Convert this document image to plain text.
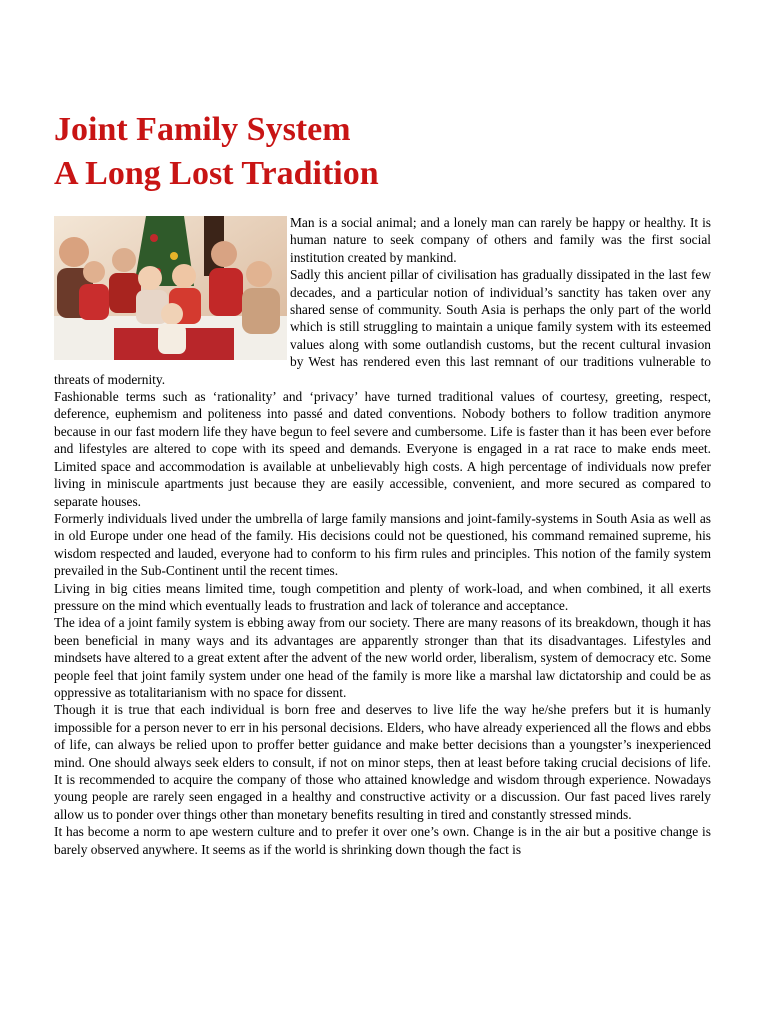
Joint Family System
A Long Lost Tradition

Man is a social animal; and a lonely man can rarely be happy or healthy. It is human nature to seek company of others and family was the first social institution created by mankind.

Sadly this ancient pillar of civilisation has gradually dissipated in the last few decades, and a particular notion of individual’s sanctity has taken over any shared sense of community. South Asia is perhaps the only part of the world which is still struggling to maintain a unique family system with its esteemed values along with some outlandish customs, but the recent cultural invasion by West has rendered even this last remnant of our traditions vulnerable to threats of modernity.

Fashionable terms such as ‘rationality’ and ‘privacy’ have turned traditional values of courtesy, greeting, respect, deference, euphemism and politeness into passé and dated conventions. Nobody bothers to follow tradition anymore because in our fast modern life they have begun to feel severe and cumbersome. Life is faster than it has been ever before and lifestyles are altered to cope with its speed and demands. Everyone is engaged in a rat race to make ends meet. Limited space and accommodation is available at unbelievably high costs. A high percentage of individuals now prefer living in miniscule apartments just because they are easily accessible, convenient, and more secured as compared to separate houses.

Formerly individuals lived under the umbrella of large family mansions and joint-family-systems in South Asia as well as in old Europe under one head of the family. His decisions could not be questioned, his command remained supreme, his wisdom respected and lauded, everyone had to conform to his firm rules and principles. This notion of the family system prevailed in the Sub-Continent until the recent times.

Living in big cities means limited time, tough competition and plenty of work-load, and when combined, it all exerts pressure on the mind which eventually leads to frustration and lack of tolerance and acceptance.

The idea of a joint family system is ebbing away from our society. There are many reasons of its breakdown, though it has been beneficial in many ways and its advantages are apparently stronger than that its disadvantages. Lifestyles and mindsets have altered to a great extent after the advent of the new world order, liberalism, system of democracy etc. Some people feel that joint family system under one head of the family is more like a marshal law dictatorship and could be as oppressive as totalitarianism with no space for dissent.

Though it is true that each individual is born free and deserves to live life the way he/she prefers but it is humanly impossible for a person never to err in his personal decisions. Elders, who have already experienced all the flows and ebbs of life, can always be relied upon to proffer better guidance and make better decisions than a youngster’s inexperienced mind. One should always seek elders to consult, if not on minor steps, then at least before taking crucial decisions of life. It is recommended to acquire the company of those who attained knowledge and wisdom through experience. Nowadays young people are rarely seen engaged in a healthy and constructive activity or a discussion. Our fast paced lives rarely allow us to ponder over things other than monetary benefits resulting in tired and constantly stressed minds.

It has become a norm to ape western culture and to prefer it over one’s own. Change is in the air but a positive change is barely observed anywhere. It seems as if the world is shrinking down though the fact is
